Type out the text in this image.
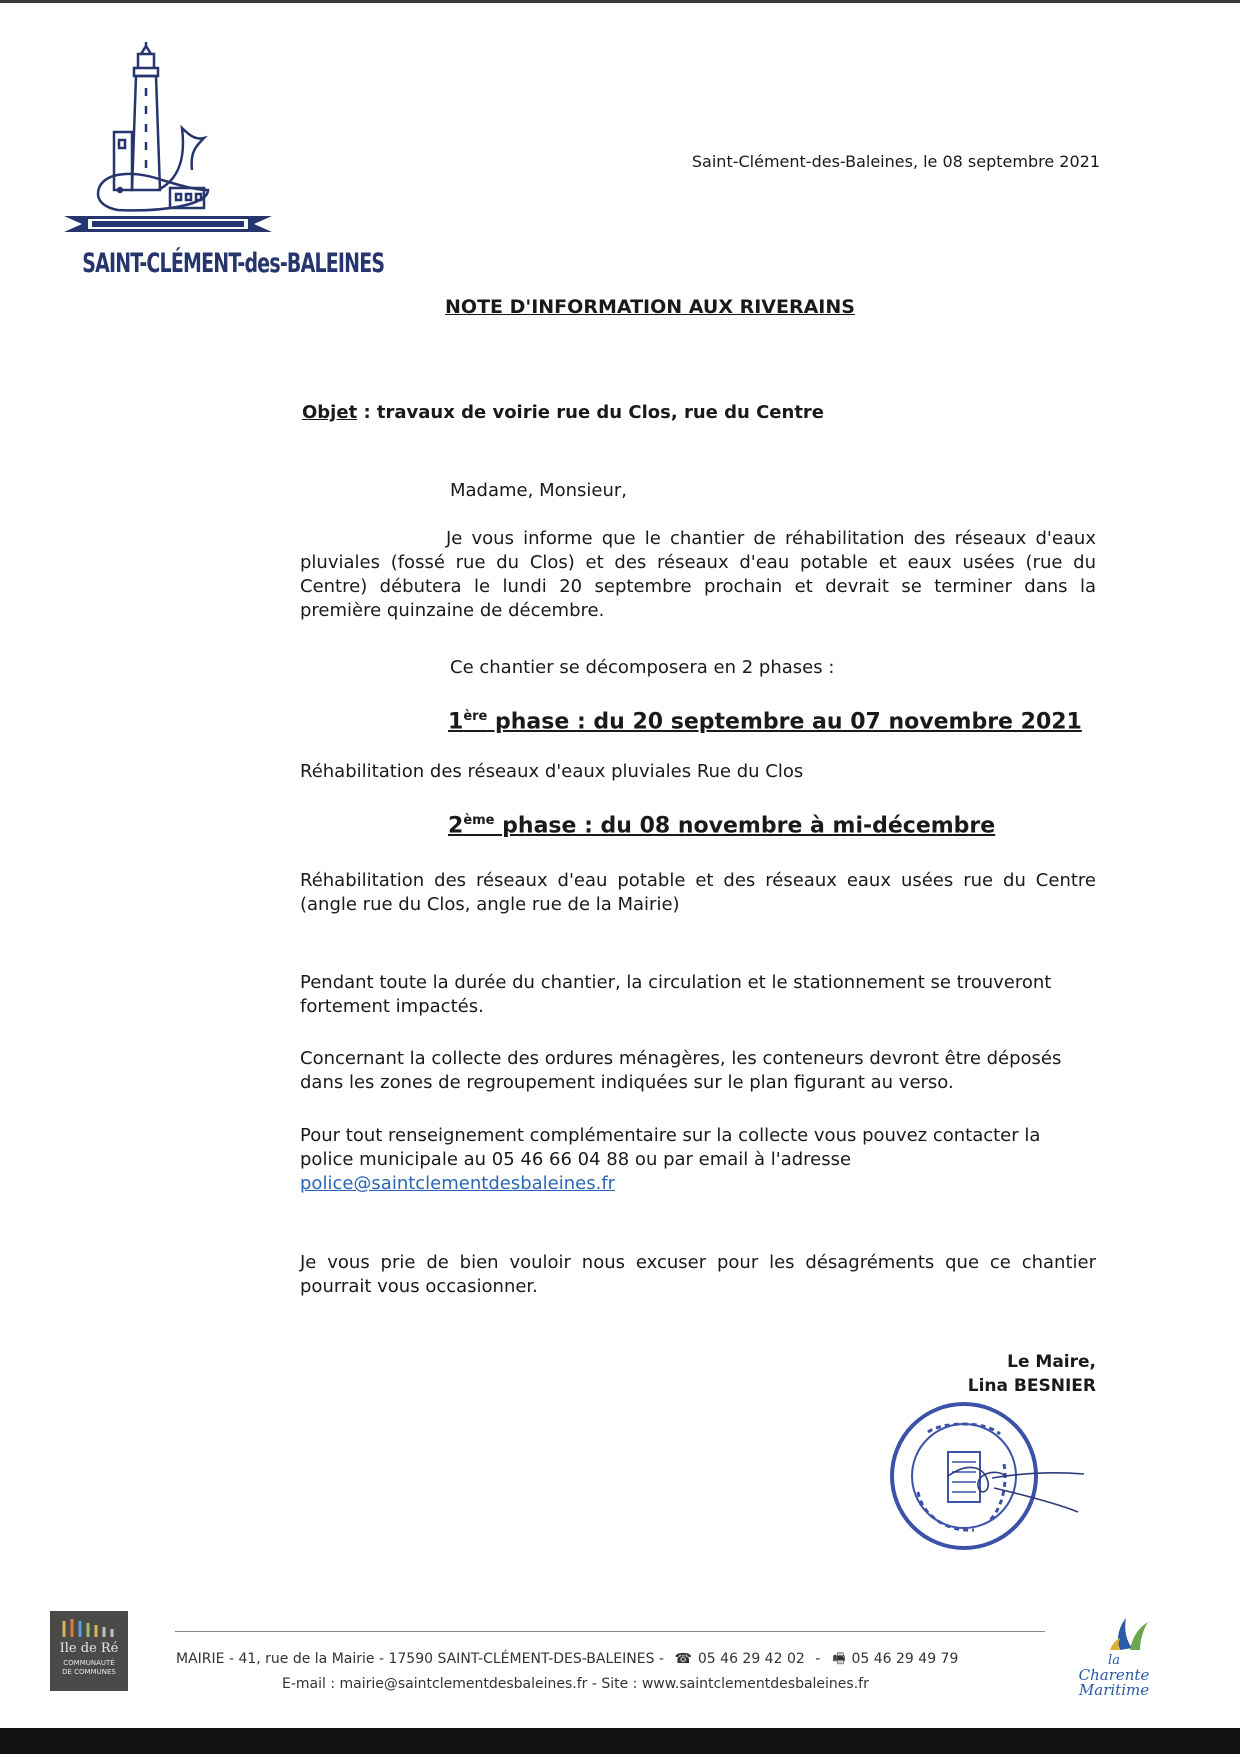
SAINT-CLÉMENT-des-BALEINES
Saint-Clément-des-Baleines, le 08 septembre 2021
NOTE D'INFORMATION AUX RIVERAINS
Objet : travaux de voirie rue du Clos, rue du Centre
Madame, Monsieur,
Je vous informe que le chantier de réhabilitation des réseaux d'eaux pluviales (fossé rue du Clos) et des réseaux d'eau potable et eaux usées (rue du Centre) débutera le lundi 20 septembre prochain et devrait se terminer dans la première quinzaine de décembre.
Ce chantier se décomposera en 2 phases :
1ère phase : du 20 septembre au 07 novembre 2021
Réhabilitation des réseaux d'eaux pluviales Rue du Clos
2ème phase : du 08 novembre à mi-décembre
Réhabilitation des réseaux d'eau potable et des réseaux eaux usées rue du Centre (angle rue du Clos, angle rue de la Mairie)
Pendant toute la durée du chantier, la circulation et le stationnement se trouveront fortement impactés.
Concernant la collecte des ordures ménagères, les conteneurs devront être déposés dans les zones de regroupement indiquées sur le plan figurant au verso.
Pour tout renseignement complémentaire sur la collecte vous pouvez contacter la police municipale au 05 46 66 04 88 ou par email à l'adresse
police@saintclementdesbaleines.fr
Je vous prie de bien vouloir nous excuser pour les désagréments que ce chantier pourrait vous occasionner.
Le Maire,
Lina BESNIER
Ile de Ré
COMMUNAUTÉ
DE COMMUNES
MAIRIE - 41, rue de la Mairie - 17590 SAINT-CLÉMENT-DES-BALEINES - ☎ 05 46 29 42 02 - 🖷 05 46 29 49 79
E-mail : mairie@saintclementdesbaleines.fr - Site : www.saintclementdesbaleines.fr
la
Charente
Maritime
